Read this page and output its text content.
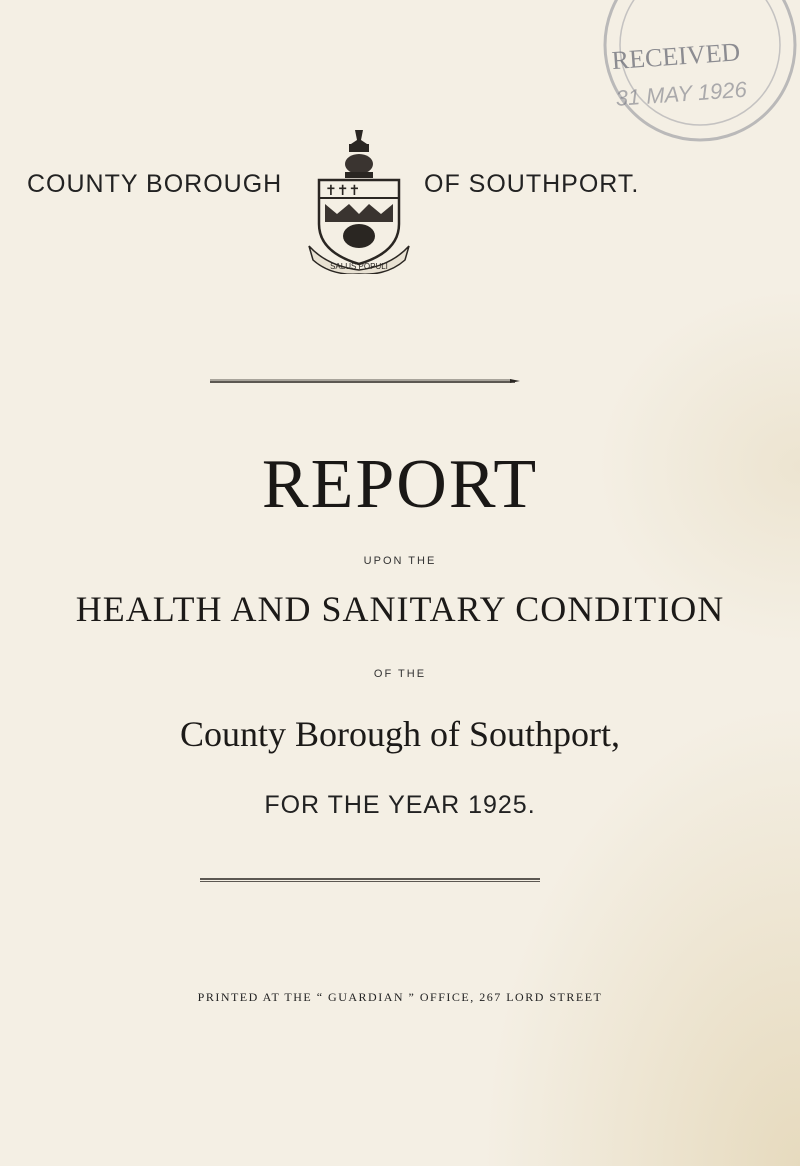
RECEIVED
31 MAY 1926
COUNTY BOROUGH	✝✝✝
SALUS POPULI
OF SOUTHPORT.
REPORT
UPON THE
HEALTH AND SANITARY CONDITION
OF THE
County Borough of Southport,
FOR THE YEAR 1925.
PRINTED AT THE “ GUARDIAN ” OFFICE, 267 LORD STREET
